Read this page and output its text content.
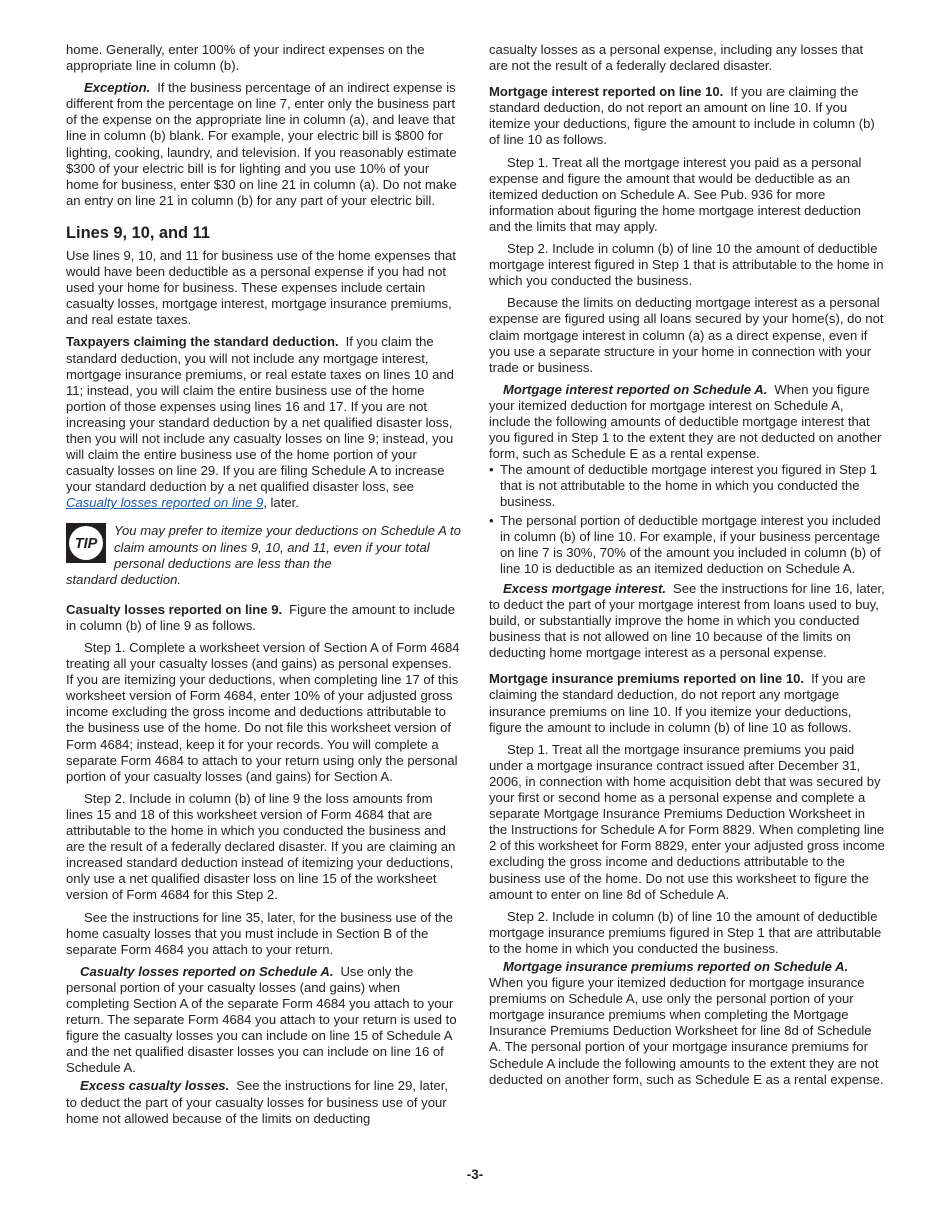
home. Generally, enter 100% of your indirect expenses on the appropriate line in column (b).

Exception. If the business percentage of an indirect expense is different from the percentage on line 7, enter only the business part of the expense on the appropriate line in column (a), and leave that line in column (b) blank. For example, your electric bill is $800 for lighting, cooking, laundry, and television. If you reasonably estimate $300 of your electric bill is for lighting and you use 10% of your home for business, enter $30 on line 21 in column (a). Do not make an entry on line 21 in column (b) for any part of your electric bill.

Lines 9, 10, and 11

Use lines 9, 10, and 11 for business use of the home expenses that would have been deductible as a personal expense if you had not used your home for business. These expenses include certain casualty losses, mortgage interest, mortgage insurance premiums, and real estate taxes.

Taxpayers claiming the standard deduction. If you claim the standard deduction, you will not include any mortgage interest, mortgage insurance premiums, or real estate taxes on lines 10 and 11; instead, you will claim the entire business use of the home portion of those expenses using lines 16 and 17. If you are not increasing your standard deduction by a net qualified disaster loss, then you will not include any casualty losses on line 9; instead, you will claim the entire business use of the home portion of your casualty losses on line 29. If you are filing Schedule A to increase your standard deduction by a net qualified disaster loss, see Casualty losses reported on line 9, later.

TIP
You may prefer to itemize your deductions on Schedule A to claim amounts on lines 9, 10, and 11, even if your total personal deductions are less than the
standard deduction.

Casualty losses reported on line 9. Figure the amount to include in column (b) of line 9 as follows.

Step 1. Complete a worksheet version of Section A of Form 4684 treating all your casualty losses (and gains) as personal expenses. If you are itemizing your deductions, when completing line 17 of this worksheet version of Form 4684, enter 10% of your adjusted gross income excluding the gross income and deductions attributable to the business use of the home. Do not file this worksheet version of Form 4684; instead, keep it for your records. You will complete a separate Form 4684 to attach to your return using only the personal portion of your casualty losses (and gains) for Section A.

Step 2. Include in column (b) of line 9 the loss amounts from lines 15 and 18 of this worksheet version of Form 4684 that are attributable to the home in which you conducted the business and are the result of a federally declared disaster. If you are claiming an increased standard deduction instead of itemizing your deductions, only use a net qualified disaster loss on line 15 of the worksheet version of Form 4684 for this Step 2.

See the instructions for line 35, later, for the business use of the home casualty losses that you must include in Section B of the separate Form 4684 you attach to your return.

Casualty losses reported on Schedule A. Use only the personal portion of your casualty losses (and gains) when completing Section A of the separate Form 4684 you attach to your return. The separate Form 4684 you attach to your return is used to figure the casualty losses you can include on line 15 of Schedule A and the net qualified disaster losses you can include on line 16 of Schedule A.

Excess casualty losses. See the instructions for line 29, later, to deduct the part of your casualty losses for business use of your home not allowed because of the limits on deducting

casualty losses as a personal expense, including any losses that are not the result of a federally declared disaster.

Mortgage interest reported on line 10. If you are claiming the standard deduction, do not report an amount on line 10. If you itemize your deductions, figure the amount to include in column (b) of line 10 as follows.

Step 1. Treat all the mortgage interest you paid as a personal expense and figure the amount that would be deductible as an itemized deduction on Schedule A. See Pub. 936 for more information about figuring the home mortgage interest deduction and the limits that may apply.

Step 2. Include in column (b) of line 10 the amount of deductible mortgage interest figured in Step 1 that is attributable to the home in which you conducted the business.

Because the limits on deducting mortgage interest as a personal expense are figured using all loans secured by your home(s), do not claim mortgage interest in column (a) as a direct expense, even if you use a separate structure in your home in connection with your trade or business.

Mortgage interest reported on Schedule A. When you figure your itemized deduction for mortgage interest on Schedule A, include the following amounts of deductible mortgage interest that you figured in Step 1 to the extent they are not deducted on another form, such as Schedule E as a rental expense.

• The amount of deductible mortgage interest you figured in Step 1 that is not attributable to the home in which you conducted the business.
• The personal portion of deductible mortgage interest you included in column (b) of line 10. For example, if your business percentage on line 7 is 30%, 70% of the amount you included in column (b) of line 10 is deductible as an itemized deduction on Schedule A.

Excess mortgage interest. See the instructions for line 16, later, to deduct the part of your mortgage interest from loans used to buy, build, or substantially improve the home in which you conducted business that is not allowed on line 10 because of the limits on deducting home mortgage interest as a personal expense.

Mortgage insurance premiums reported on line 10. If you are claiming the standard deduction, do not report any mortgage insurance premiums on line 10. If you itemize your deductions, figure the amount to include in column (b) of line 10 as follows.

Step 1. Treat all the mortgage insurance premiums you paid under a mortgage insurance contract issued after December 31, 2006, in connection with home acquisition debt that was secured by your first or second home as a personal expense and complete a separate Mortgage Insurance Premiums Deduction Worksheet in the Instructions for Schedule A for Form 8829. When completing line 2 of this worksheet for Form 8829, enter your adjusted gross income excluding the gross income and deductions attributable to the business use of the home. Do not use this worksheet to figure the amount to enter on line 8d of Schedule A.

Step 2. Include in column (b) of line 10 the amount of deductible mortgage insurance premiums figured in Step 1 that are attributable to the home in which you conducted the business.

Mortgage insurance premiums reported on Schedule A.When you figure your itemized deduction for mortgage insurance premiums on Schedule A, use only the personal portion of your mortgage insurance premiums when completing the Mortgage Insurance Premiums Deduction Worksheet for line 8d of Schedule A. The personal portion of your mortgage insurance premiums for Schedule A include the following amounts to the extent they are not deducted on another form, such as Schedule E as a rental expense.

-3-
